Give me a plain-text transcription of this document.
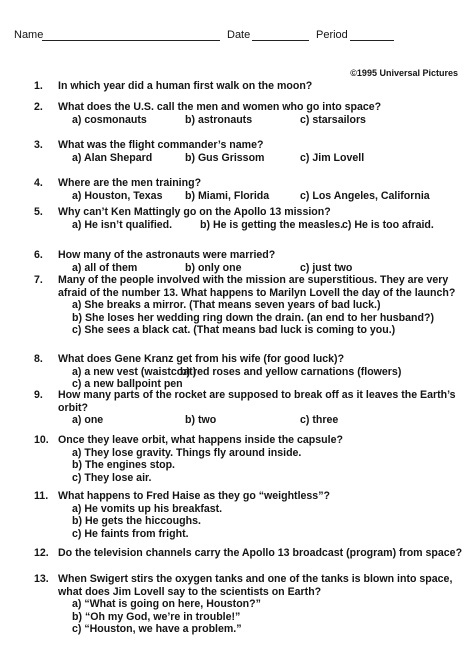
Name	Date	Period
©1995 Universal Pictures
1.	In which year did a human first walk on the moon?
2.	What does the U.S. call the men and women who go into space?
a) cosmonauts	b) astronauts	c) starsailors
3.	What was the flight commander’s name?
a) Alan Shepard	b) Gus Grissom	c) Jim Lovell
4.	Where are the men training?
a) Houston, Texas b) Miami, Florida	c) Los Angeles, California
5.	Why can’t Ken Mattingly go on the Apollo 13 mission?
a) He isn’t qualified.	b) He is getting the measles.
c) He is too afraid.
6.	How many of the astronauts were married?
a) all of them	b) only one	c) just two
7.	Many of the people involved with the mission are superstitious. They are very
afraid of the number 13. What happens to Marilyn Lovell the day of the launch?
a) She breaks a mirror. (That means seven years of bad luck.)
b) She loses her wedding ring down the drain. (an end to her husband?)
c) She sees a black cat. (That means bad luck is coming to you.)
8.	What does Gene Kranz get from his wife (for good luck)?
a) a new vest (waistcoat)
b) red roses and yellow carnations (flowers)
c) a new ballpoint pen
9.	How many parts of the rocket are supposed to break off as it leaves the Earth’s
orbit?
a) one	b) two	c) three
10. Once they leave orbit, what happens inside the capsule?
a) They lose gravity. Things fly around inside.
b) The engines stop.
c) They lose air.
11. What happens to Fred Haise as they go “weightless”?
a) He vomits up his breakfast.
b) He gets the hiccoughs.
c) He faints from fright.
12. Do the television channels carry the Apollo 13 broadcast (program) from space?
13. When Swigert stirs the oxygen tanks and one of the tanks is blown into space,
what does Jim Lovell say to the scientists on Earth?
a) “What is going on here, Houston?”
b) “Oh my God, we’re in trouble!”
c) “Houston, we have a problem.”
